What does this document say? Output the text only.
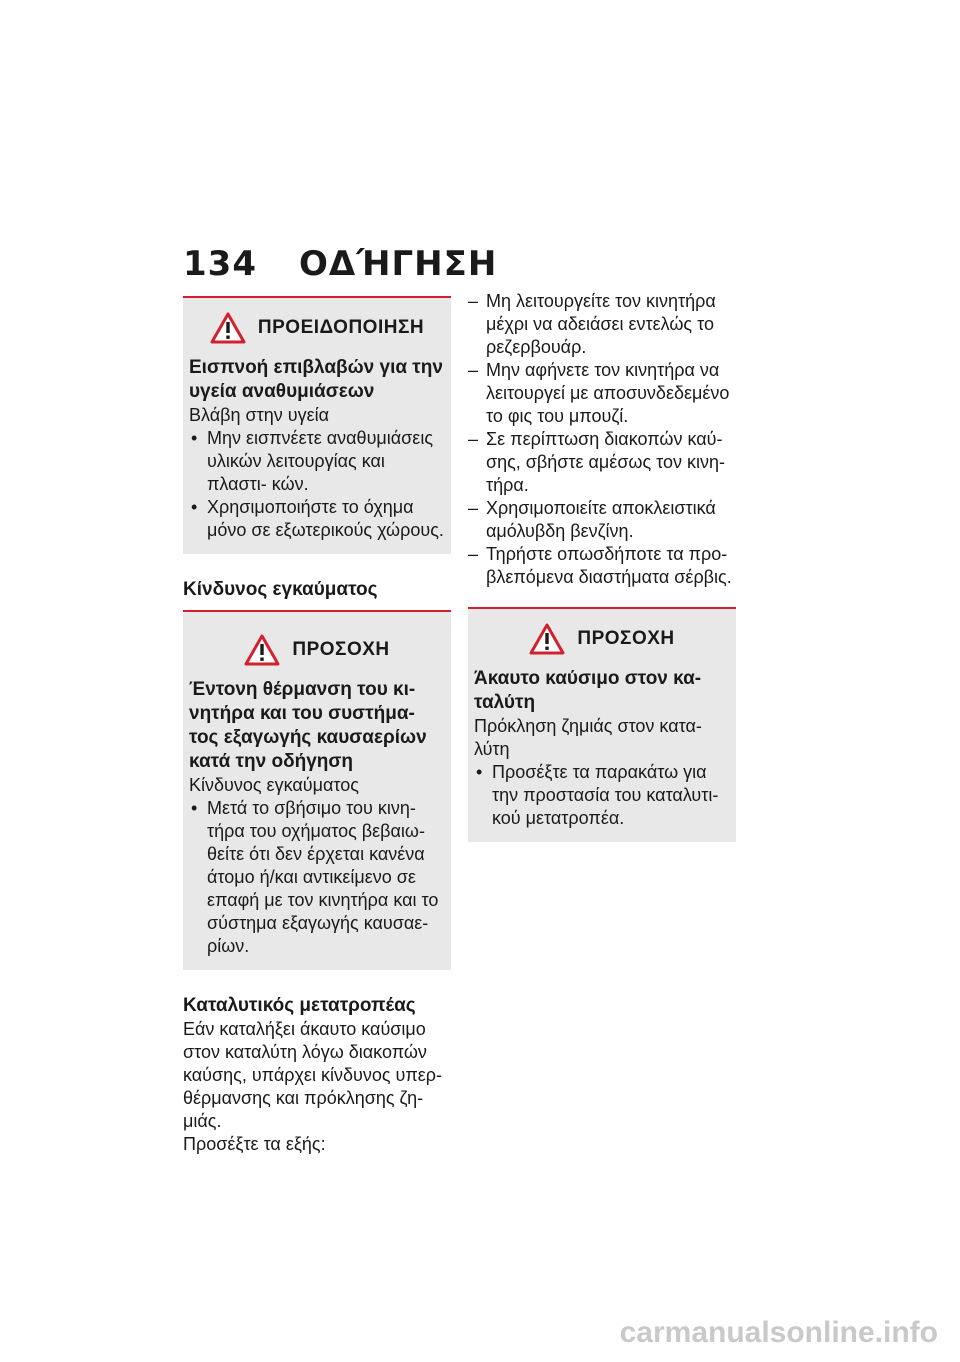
134 ΟΔΉΓΗΣΗ
ΠΡΟΕΙΔΟΠΟΙΗΣΗ
Εισπνοή επιβλαβών για την υγεία αναθυμιάσεων
Βλάβη στην υγεία
• Μην εισπνέετε αναθυμιάσεις υλικών λειτουργίας και πλαστι- κών.
• Χρησιμοποιήστε το όχημα μόνο σε εξωτερικούς χώρους.
Κίνδυνος εγκαύματος
ΠΡΟΣΟΧΗ
Έντονη θέρμανση του κι- νητήρα και του συστήμα- τος εξαγωγής καυσαερίων κατά την οδήγηση
Κίνδυνος εγκαύματος
• Μετά το σβήσιμο του κινη- τήρα του οχήματος βεβαιω- θείτε ότι δεν έρχεται κανένα άτομο ή/και αντικείμενο σε επαφή με τον κινητήρα και το σύστημα εξαγωγής καυσαε- ρίων.
Καταλυτικός μετατροπέας
Εάν καταλήξει άκαυτο καύσιμο στον καταλύτη λόγω διακοπών καύσης, υπάρχει κίνδυνος υπερ- θέρμανσης και πρόκλησης ζη- μιάς.
Προσέξτε τα εξής:
– Μη λειτουργείτε τον κινητήρα μέχρι να αδειάσει εντελώς το ρεζερβουάρ.
– Μην αφήνετε τον κινητήρα να λειτουργεί με αποσυνδεδεμένο το φις του μπουζί.
– Σε περίπτωση διακοπών καύ- σης, σβήστε αμέσως τον κινη- τήρα.
– Χρησιμοποιείτε αποκλειστικά αμόλυβδη βενζίνη.
– Τηρήστε οπωσδήποτε τα προ- βλεπόμενα διαστήματα σέρβις.
ΠΡΟΣΟΧΗ
Άκαυτο καύσιμο στον κα- ταλύτη
Πρόκληση ζημιάς στον κατα- λύτη
• Προσέξτε τα παρακάτω για την προστασία του καταλυτι- κού μετατροπέα.
carmanualsonline.info
